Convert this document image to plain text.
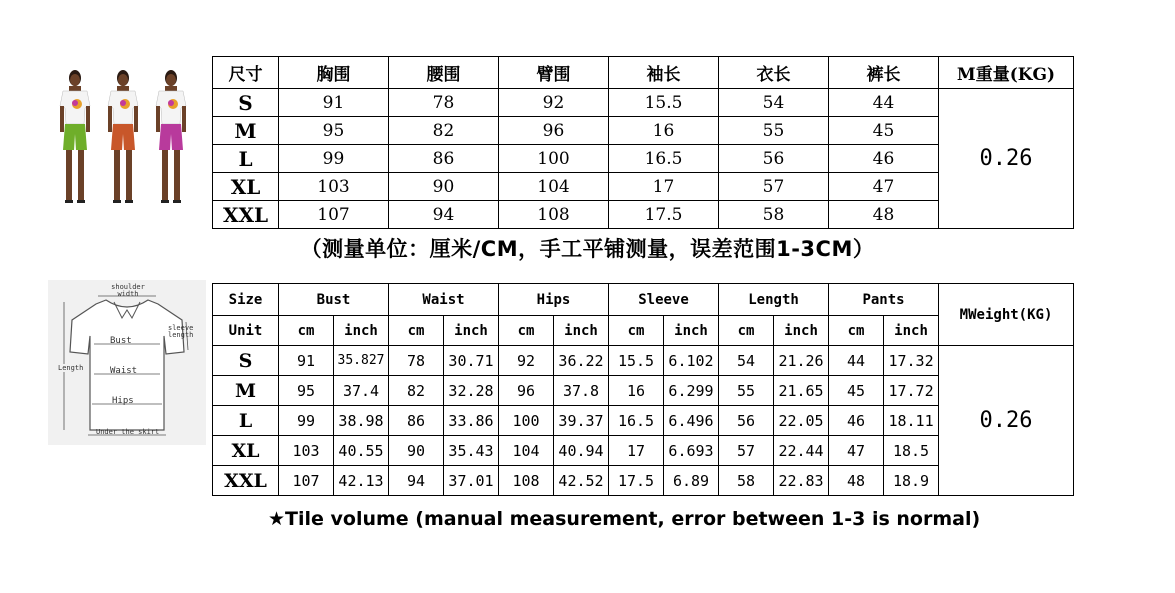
尺寸	胸围	腰围	臂围	袖长	衣长	裤长	M重量(KG)
S	91	78	92	15.5	54	44	0.26
M	95	82	96	16	55	45	
L	99	86	100	16.5	56	46	
XL	103	90	104	17	57	47	
XXL	107	94	108	17.5	58	48	
（测量单位：厘米/CM，手工平铺测量，误差范围1-3CM）
shoulder width
sleeve length
Bust
Waist
Hips
Length
Under the skirt
Size	Bust		Waist		Hips		Sleeve		Length		Pants		MWeight(KG)
Unit	cm	inch	cm	inch	cm	inch	cm	inch	cm	inch	cm	inch	
S	91	35.827	78	30.71	92	36.22	15.5	6.102	54	21.26	44	17.32	0.26
M	95	37.4	82	32.28	96	37.8	16	6.299	55	21.65	45	17.72	
L	99	38.98	86	33.86	100	39.37	16.5	6.496	56	22.05	46	18.11	
XL	103	40.55	90	35.43	104	40.94	17	6.693	57	22.44	47	18.5	
XXL	107	42.13	94	37.01	108	42.52	17.5	6.89	58	22.83	48	18.9	
★Tile volume (manual measurement, error between 1-3 is normal)
